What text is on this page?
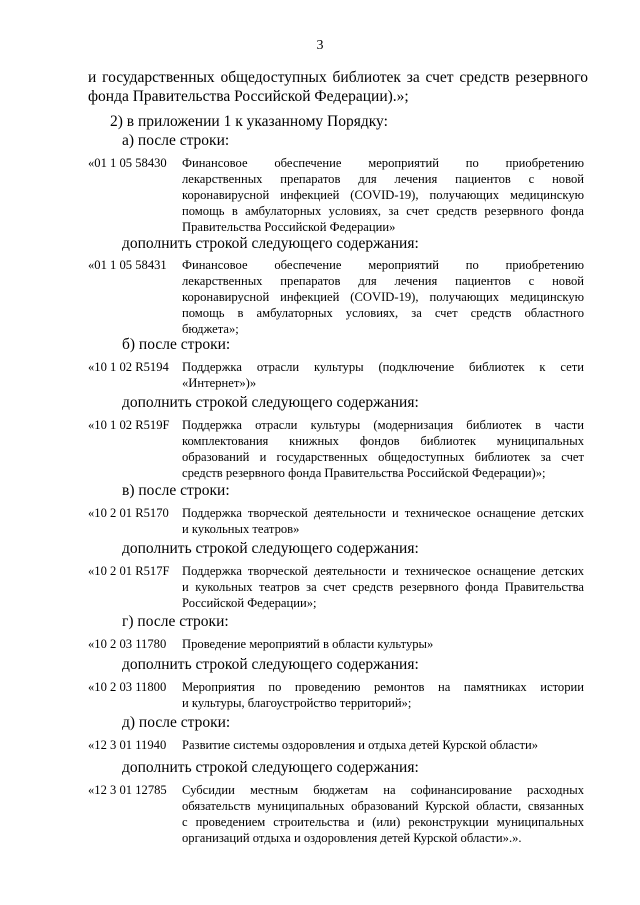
3
и государственных общедоступных библиотек за счет средств резервного
фонда Правительства Российской Федерации).»;
2) в приложении 1 к указанному Порядку:
а) после строки:
«01 1 05 58430	Финансовое обеспечение мероприятий по приобретению
лекарственных препаратов для лечения пациентов с новой
коронавирусной инфекцией (COVID-19), получающих медицинскую
помощь в амбулаторных условиях, за счет средств резервного фонда
Правительства Российской Федерации»
дополнить строкой следующего содержания:
«01 1 05 58431	Финансовое обеспечение мероприятий по приобретению
лекарственных препаратов для лечения пациентов с новой
коронавирусной инфекцией (COVID-19), получающих медицинскую
помощь в амбулаторных условиях, за счет средств областного
бюджета»;
б) после строки:
«10 1 02 R5194	Поддержка отрасли культуры (подключение библиотек к сети
«Интернет»)»
дополнить строкой следующего содержания:
«10 1 02 R519F Поддержка отрасли культуры (модернизация библиотек в части
комплектования книжных фондов библиотек муниципальных
образований и государственных общедоступных библиотек за счет
средств резервного фонда Правительства Российской Федерации)»;
в) после строки:
«10 2 01 R5170	Поддержка творческой деятельности и техническое оснащение детских
и кукольных театров»
дополнить строкой следующего содержания:
«10 2 01 R517F Поддержка творческой деятельности и техническое оснащение детских
и кукольных театров за счет средств резервного фонда Правительства
Российской Федерации»;
г) после строки:
«10 2 03 11780	Проведение мероприятий в области культуры»
дополнить строкой следующего содержания:
«10 2 03 11800	Мероприятия по проведению ремонтов на памятниках истории
и культуры, благоустройство территорий»;
д) после строки:
«12 3 01 11940	Развитие системы оздоровления и отдыха детей Курской области»
дополнить строкой следующего содержания:
«12 3 01 12785	Субсидии местным бюджетам на софинансирование расходных
обязательств муниципальных образований Курской области, связанных
с проведением строительства и (или) реконструкции муниципальных
организаций отдыха и оздоровления детей Курской области».».
